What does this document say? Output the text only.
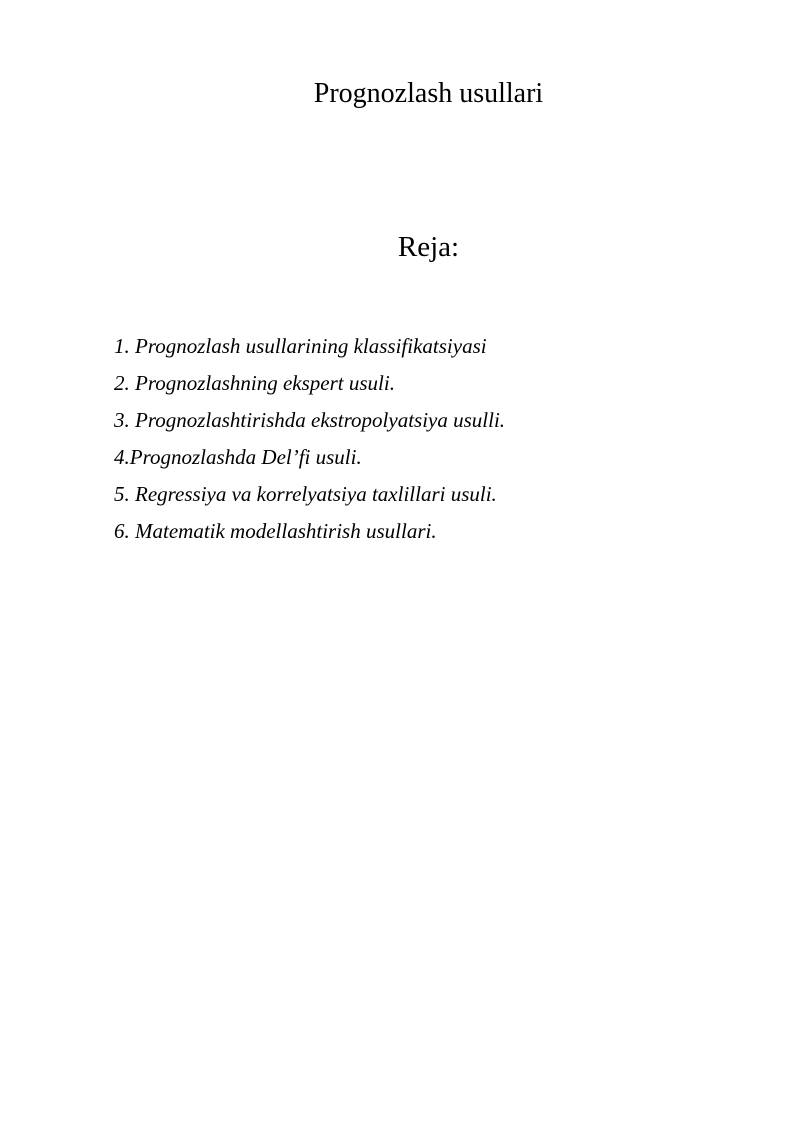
Prognozlash usullari
Reja:
1. Prognozlash usullarining klassifikatsiyasi
2. Prognozlashning ekspert usuli.
3. Prognozlashtirishda ekstropolyatsiya usulli.
4.Prognozlashda Del’fi usuli.
5. Regressiya va korrelyatsiya taxlillari usuli.
6. Matematik modellashtirish usullari.
